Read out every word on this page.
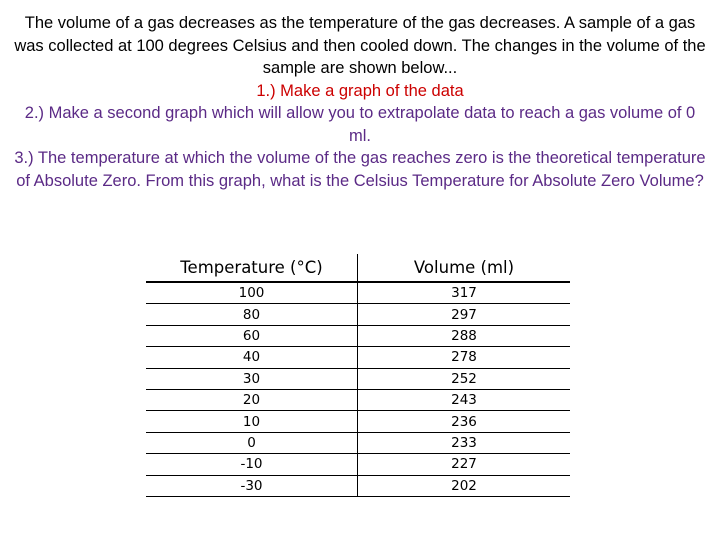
The volume of a gas decreases as the temperature of the gas decreases. A sample of a gas was collected at 100 degrees Celsius and then cooled down. The changes in the volume of the sample are shown below...

1.) Make a graph of the data

2.) Make a second graph which will allow you to extrapolate data to reach a gas volume of 0 ml.

3.) The temperature at which the volume of the gas reaches zero is the theoretical temperature of Absolute Zero. From this graph, what is the Celsius Temperature for Absolute Zero Volume?

Temperature (°C)	Volume (ml)
100	317
80	297
60	288
40	278
30	252
20	243
10	236
0	233
-10	227
-30	202
